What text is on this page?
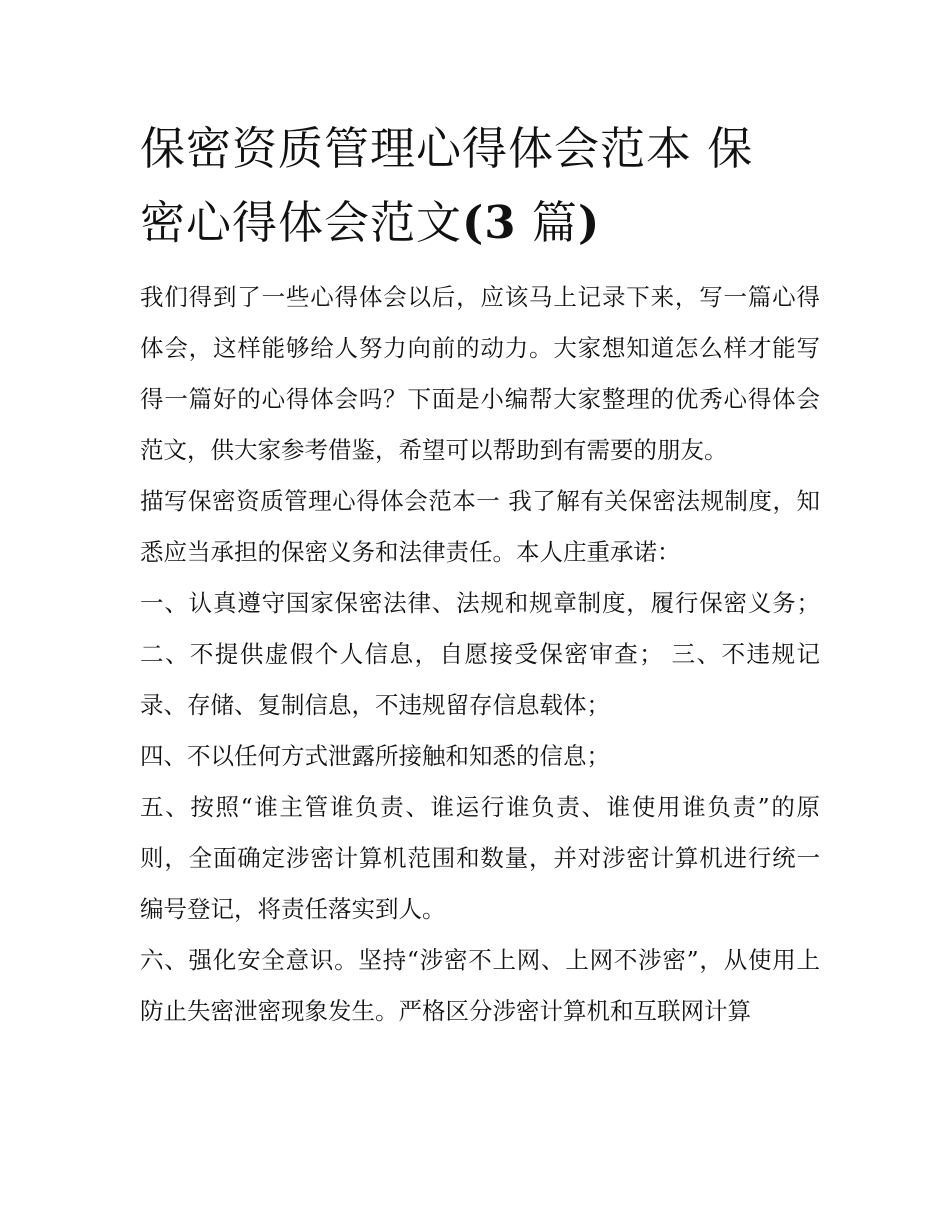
保密资质管理心得体会范本 保
密心得体会范文(3 篇)

我们得到了一些心得体会以后，应该马上记录下来，写一篇心得体会，这样能够给人努力向前的动力。大家想知道怎么样才能写得一篇好的心得体会吗？下面是小编帮大家整理的优秀心得体会范文，供大家参考借鉴，希望可以帮助到有需要的朋友。

描写保密资质管理心得体会范本一 我了解有关保密法规制度，知悉应当承担的保密义务和法律责任。本人庄重承诺：

一、认真遵守国家保密法律、法规和规章制度，履行保密义务； 二、不提供虚假个人信息，自愿接受保密审查； 三、不违规记录、存储、复制信息，不违规留存信息载体；

四、不以任何方式泄露所接触和知悉的信息；

五、按照“谁主管谁负责、谁运行谁负责、谁使用谁负责”的原则，全面确定涉密计算机范围和数量，并对涉密计算机进行统一编号登记，将责任落实到人。

六、强化安全意识。坚持“涉密不上网、上网不涉密”，从使用上防止失密泄密现象发生。严格区分涉密计算机和互联网计算
